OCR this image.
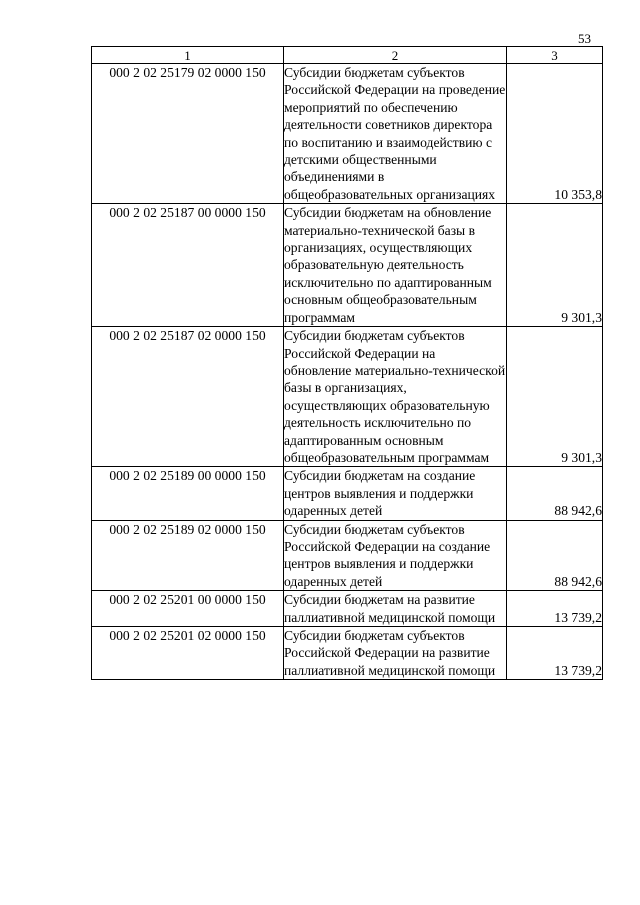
53
1	2	3
000 2 02 25179 02 0000 150	Субсидии бюджетам субъектов Российской Федерации на проведение мероприятий по обеспечению деятельности советников директора по воспитанию и взаимодействию с детскими общественными объединениями в общеобразовательных организациях	10 353,8
000 2 02 25187 00 0000 150	Субсидии бюджетам на обновление материально-технической базы в организациях, осуществляющих образовательную деятельность исключительно по адаптированным основным общеобразовательным программам	9 301,3
000 2 02 25187 02 0000 150	Субсидии бюджетам субъектов Российской Федерации на обновление материально-технической базы в организациях, осуществляющих образовательную деятельность исключительно по адаптированным основным общеобразовательным программам	9 301,3
000 2 02 25189 00 0000 150	Субсидии бюджетам на создание центров выявления и поддержки одаренных детей	88 942,6
000 2 02 25189 02 0000 150	Субсидии бюджетам субъектов Российской Федерации на создание центров выявления и поддержки одаренных детей	88 942,6
000 2 02 25201 00 0000 150	Субсидии бюджетам на развитие паллиативной медицинской помощи	13 739,2
000 2 02 25201 02 0000 150	Субсидии бюджетам субъектов Российской Федерации на развитие паллиативной медицинской помощи	13 739,2
